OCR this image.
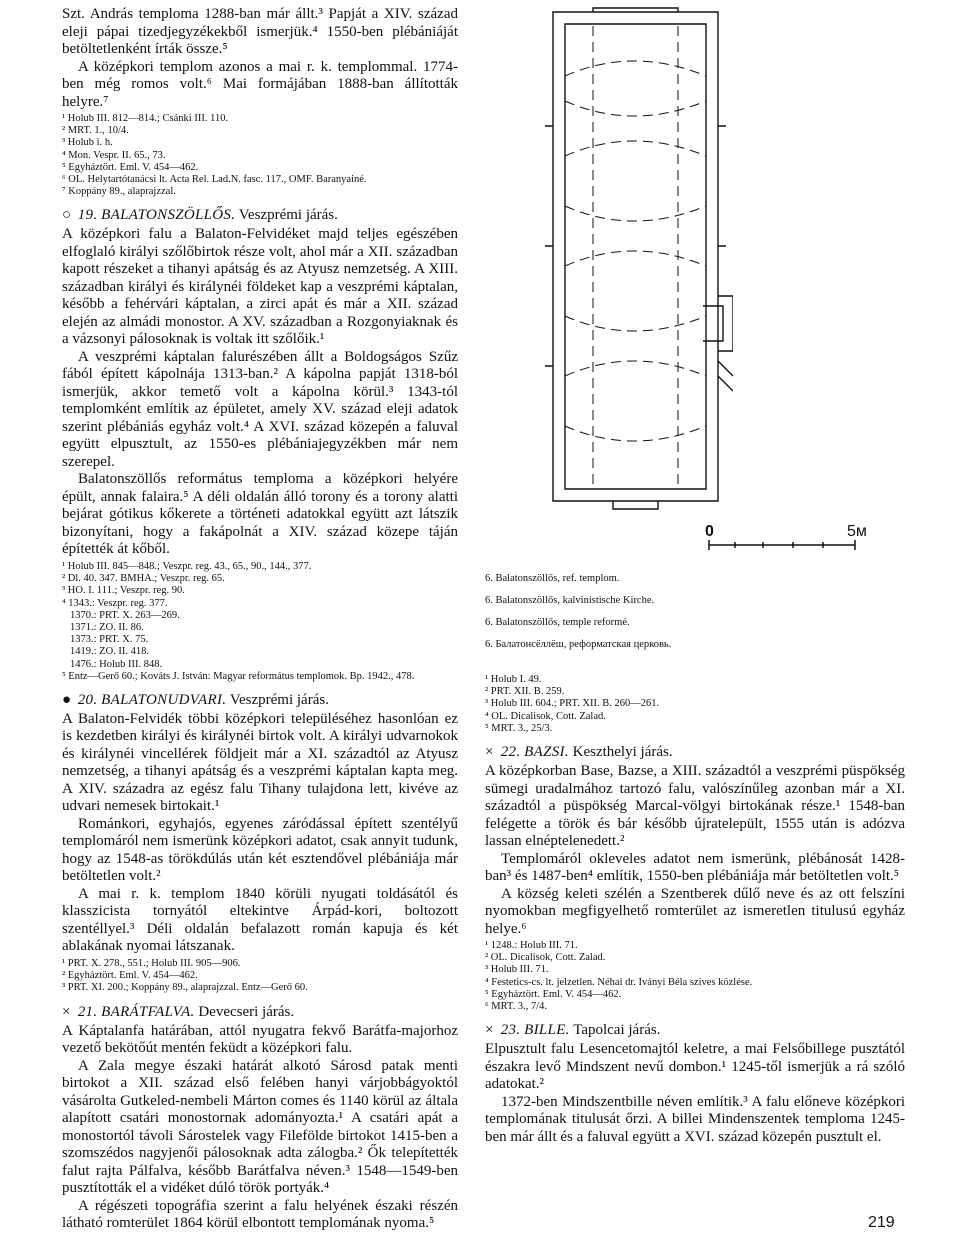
Szt. András temploma 1288-ban már állt.³ Papját a XIV. század eleji pápai tizedjegyzékekből ismerjük.⁴ 1550-ben plébániáját betöltetlenként írták össze.⁵

A középkori templom azonos a mai r. k. templommal. 1774-ben még romos volt.⁶ Mai formájában 1888-ban állították helyre.⁷

¹ Holub III. 812—814.; Csánki III. 110.

² MRT. 1., 10/4.

³ Holub i. h.

⁴ Mon. Vespr. II. 65., 73.

⁵ Egyháztört. Eml. V. 454—462.

⁶ OL. Helytartótanácsi lt. Acta Rel. Lad.N. fasc. 117., OMF. Baranyainé.

⁷ Koppány 89., alaprajzzal.

○ 19. BALATONSZÖLLŐS. Veszprémi járás.

A középkori falu a Balaton-Felvidéket majd teljes egészében elfoglaló királyi szőlőbirtok része volt, ahol már a XII. században kapott részeket a tihanyi apátság és az Atyusz nemzetség. A XIII. században királyi és királynéi földeket kap a veszprémi káptalan, később a fehérvári káptalan, a zirci apát és már a XII. század elején az almádi monostor. A XV. században a Rozgonyiaknak és a vázsonyi pálosoknak is voltak itt szőlőik.¹

A veszprémi káptalan falurészében állt a Boldogságos Szűz fából épített kápolnája 1313-ban.² A kápolna papját 1318-ból ismerjük, akkor temető volt a kápolna körül.³ 1343-tól templomként említik az épületet, amely XV. század eleji adatok szerint plébániás egyház volt.⁴ A XVI. század közepén a faluval együtt elpusztult, az 1550-es plébániajegyzékben már nem szerepel.

Balatonszöllős református temploma a középkori helyére épült, annak falaira.⁵ A déli oldalán álló torony és a torony alatti bejárat gótikus kőkerete a történeti adatokkal együtt azt látszik bizonyítani, hogy a fakápolnát a XIV. század közepe táján építették át kőből.

¹ Holub III. 845—848.; Veszpr. reg. 43., 65., 90., 144., 377.

² Dl. 40. 347. BMHA.; Veszpr. reg. 65.

³ HO. I. 111.; Veszpr. reg. 90.

⁴ 1343.: Veszpr. reg. 377.

1370.: PRT. X. 263—269.

1371.: ZO. II. 86.

1373.: PRT. X. 75.

1419.: ZO. II. 418.

1476.: Holub III. 848.

⁵ Entz—Gerő 60.; Kováts J. István: Magyar református templomok. Bp. 1942., 478.

● 20. BALATONUDVARI. Veszprémi járás.

A Balaton-Felvidék többi középkori településéhez hasonlóan ez is kezdetben királyi és királynéi birtok volt. A királyi udvarnokok és királynéi vincellérek földjeit már a XI. századtól az Atyusz nemzetség, a tihanyi apátság és a veszprémi káptalan kapta meg. A XIV. századra az egész falu Tihany tulajdona lett, kivéve az udvari nemesek birtokait.¹

Románkori, egyhajós, egyenes záródással épített szentélyű templomáról nem ismerünk középkori adatot, csak annyit tudunk, hogy az 1548-as törökdúlás után két esztendővel plébániája már betöltetlen volt.²

A mai r. k. templom 1840 körüli nyugati toldásától és klasszicista tornyától eltekintve Árpád-kori, boltozott szentéllyel.³ Déli oldalán befalazott román kapuja és két ablakának nyomai látszanak.

¹ PRT. X. 278., 551.; Holub III. 905—906.

² Egyháztört. Eml. V. 454—462.

³ PRT. XI. 200.; Koppány 89., alaprajzzal. Entz—Gerő 60.

× 21. BARÁTFALVA. Devecseri járás.

A Káptalanfa határában, attól nyugatra fekvő Barátfa-majorhoz vezető bekötőút mentén feküdt a középkori falu.

A Zala megye északi határát alkotó Sárosd patak menti birtokot a XII. század első felében hanyi várjobbágyoktól vásárolta Gutkeled-nembeli Márton comes és 1140 körül az általa alapított csatári monostornak adományozta.¹ A csatári apát a monostortól távoli Sárostelek vagy Filefölde birtokot 1415-ben a szomszédos nagyjenői pálosoknak adta zálogba.² Ők telepítették falut rajta Pálfalva, később Barátfalva néven.³ 1548—1549-ben pusztították el a vidéket dúló török portyák.⁴

A régészeti topográfia szerint a falu helyének északi részén látható romterület 1864 körül elbontott templomának nyoma.⁵

0	5м

6. Balatonszöllős, ref. templom.

6. Balatonszöllős, kalvinistische Kirche.

6. Balatonszöllős, temple reformé.

6. Балатонсёллёш, реформатская церковь.

¹ Holub I. 49.

² PRT. XII. B. 259.

³ Holub III. 604.; PRT. XII. B. 260—261.

⁴ OL. Dicalisok, Cott. Zalad.

⁵ MRT. 3., 25/3.

× 22. BAZSI. Keszthelyi járás.

A középkorban Base, Bazse, a XIII. századtól a veszprémi püspökség sümegi uradalmához tartozó falu, valószínűleg azonban már a XI. századtól a püspökség Marcal-völgyi birtokának része.¹ 1548-ban felégette a török és bár később újratelepült, 1555 után is adózva lassan elnéptelenedett.²

Templomáról okleveles adatot nem ismerünk, plébánosát 1428-ban³ és 1487-ben⁴ említik, 1550-ben plébániája már betöltetlen volt.⁵

A község keleti szélén a Szentberek dűlő neve és az ott felszíni nyomokban megfigyelhető romterület az ismeretlen titulusú egyház helye.⁶

¹ 1248.: Holub III. 71.

² OL. Dicalisok, Cott. Zalad.

³ Holub III. 71.

⁴ Festetics-cs. lt. jelzetlen. Néhai dr. Iványi Béla szíves közlése.

⁵ Egyháztört. Eml. V. 454—462.

⁶ MRT. 3., 7/4.

× 23. BILLE. Tapolcai járás.

Elpusztult falu Lesencetomajtól keletre, a mai Felsőbillege pusztától északra levő Mindszent nevű dombon.¹ 1245-től ismerjük a rá szóló adatokat.²

1372-ben Mindszentbille néven említik.³ A falu előneve középkori templomának titulusát őrzi. A billei Mindenszentek temploma 1245-ben már állt és a faluval együtt a XVI. század közepén pusztult el.

219
